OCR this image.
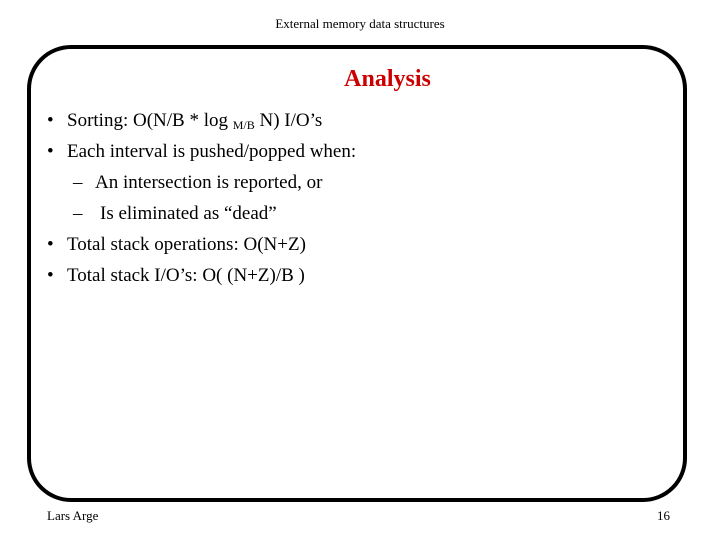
External memory data structures
Analysis
• Sorting: O(N/B * log $_{M/B}$ N) I/O’s
• Each interval is pushed/popped when:
– An intersection is reported, or
– Is eliminated as “dead”
• Total stack operations: O(N+Z)
• Total stack I/O’s: O( (N+Z)/B )
Lars Arge	16
